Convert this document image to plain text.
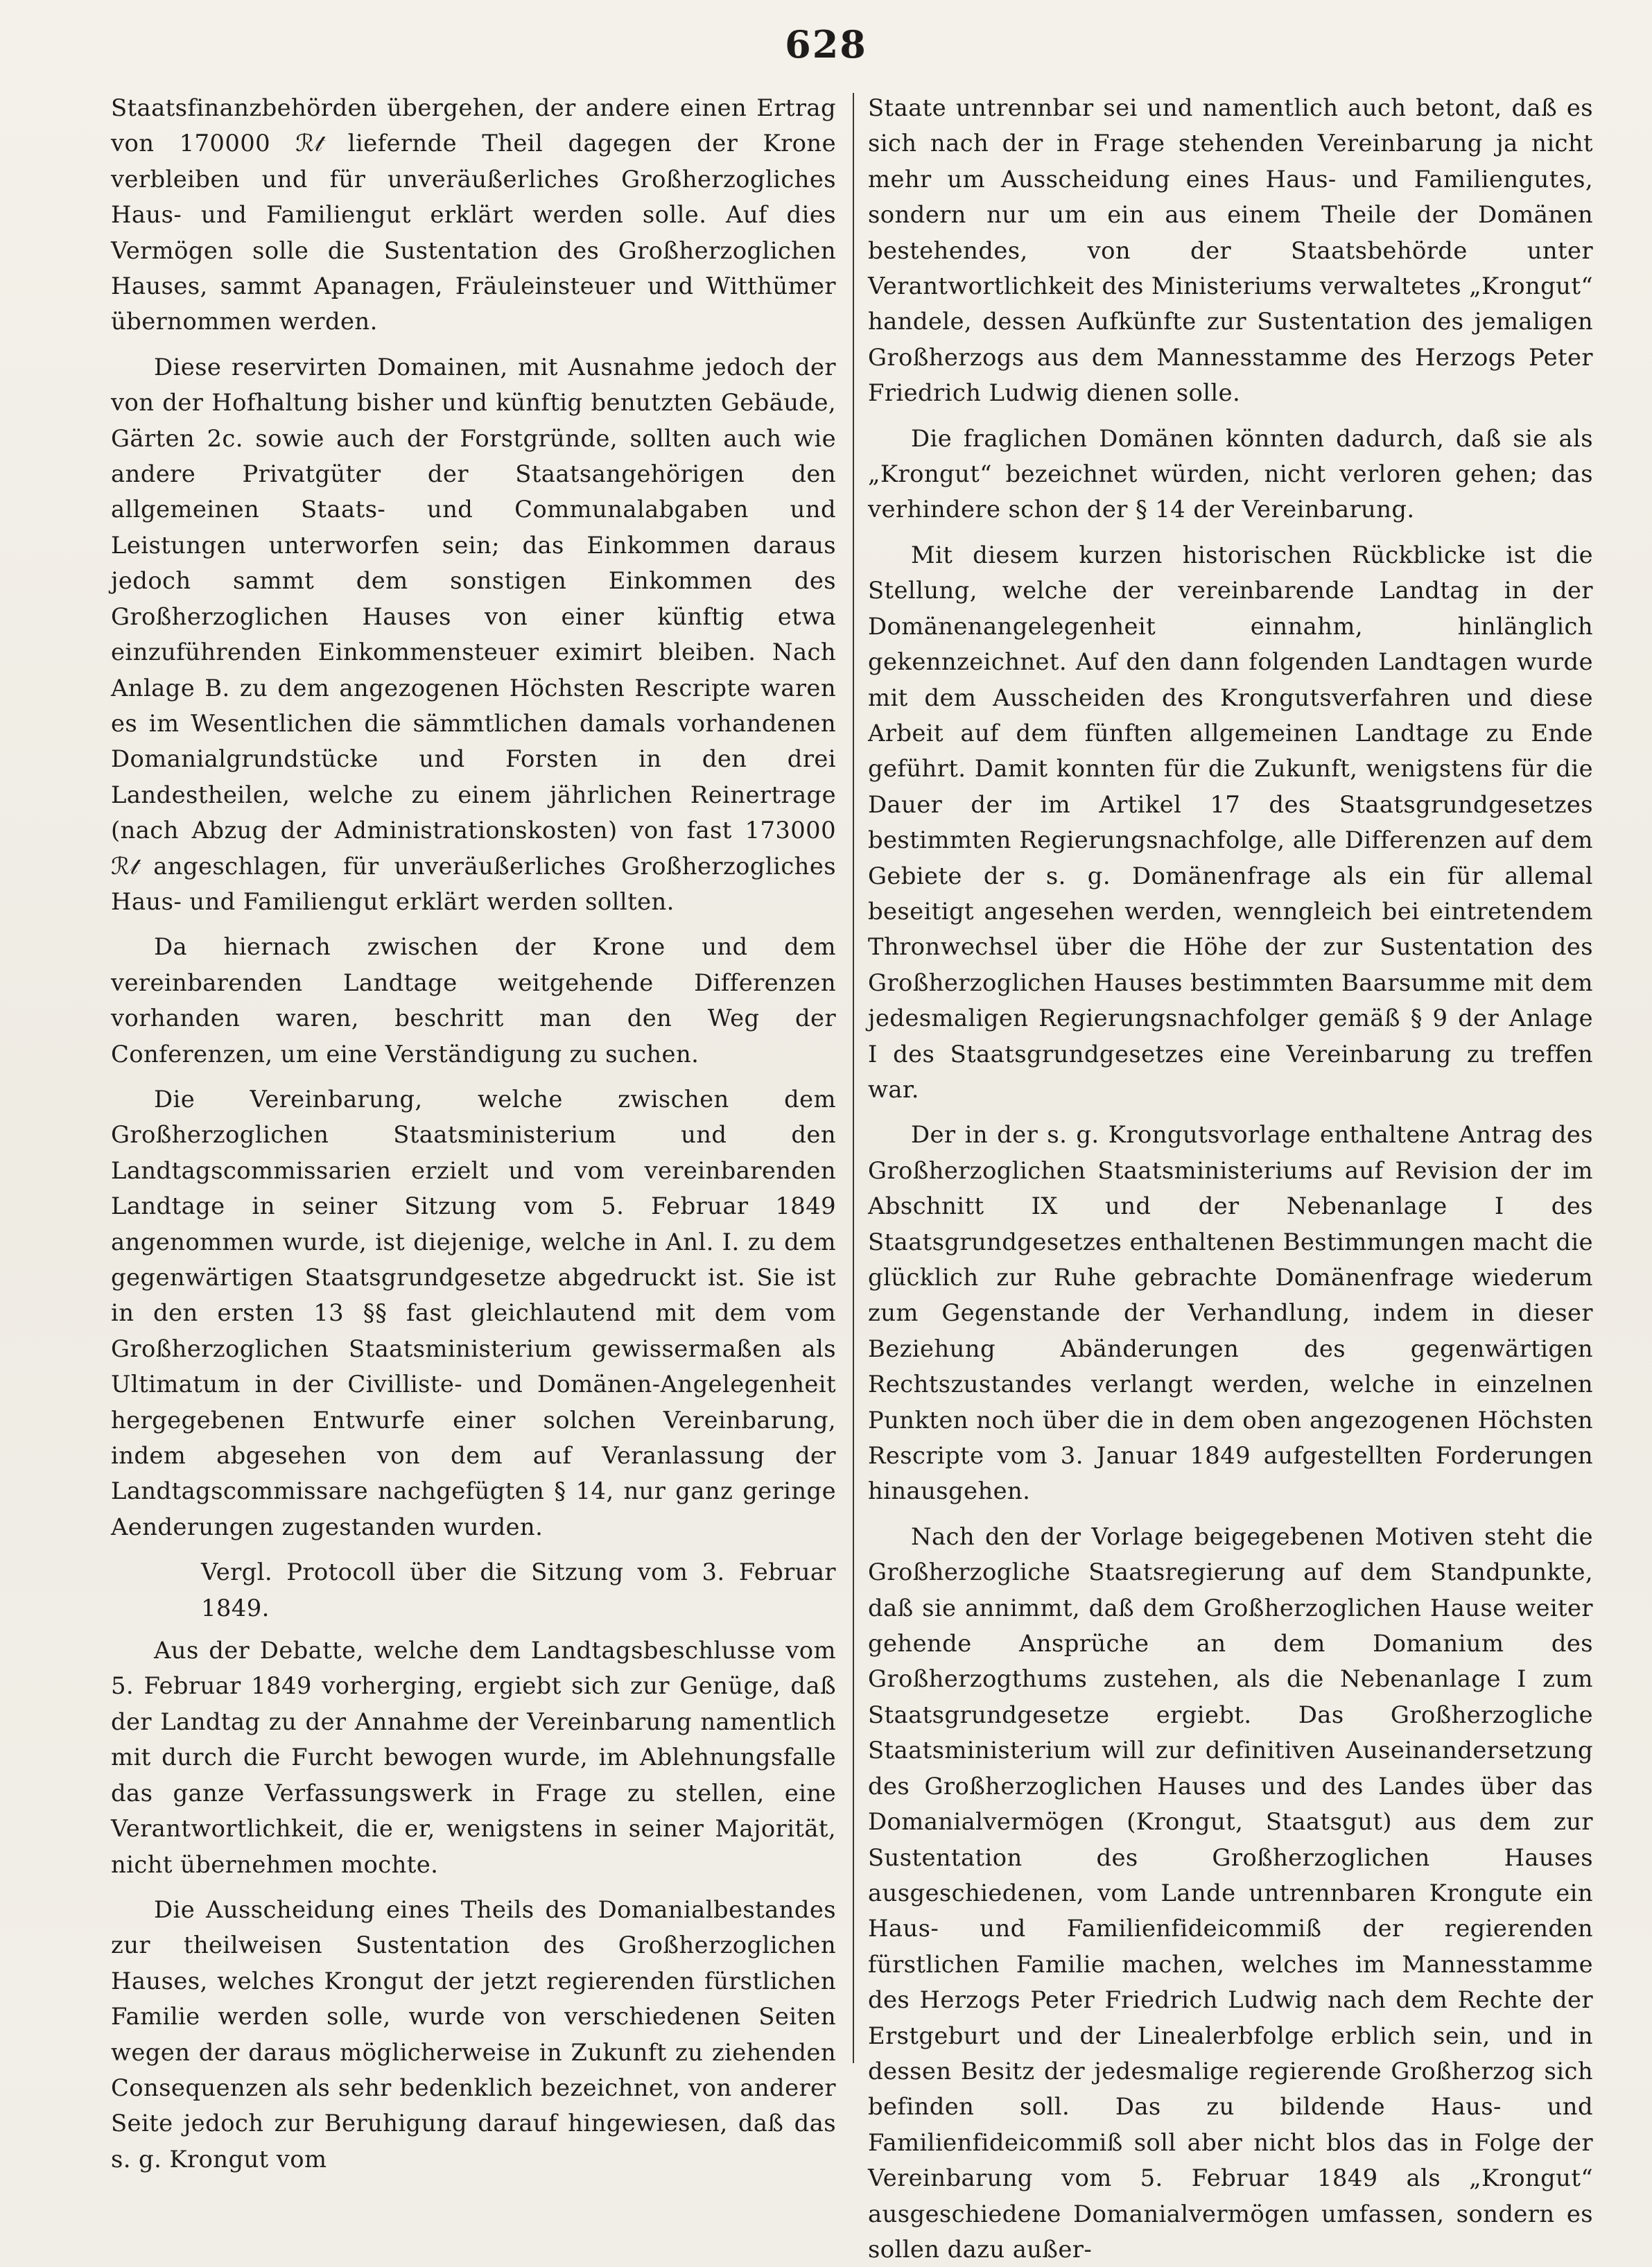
628

Staatsfinanzbehörden übergehen, der andere einen Ertrag von 170000 ℛ𝓉 liefernde Theil dagegen der Krone verbleiben und für unveräußerliches Großherzogliches Haus- und Familiengut erklärt werden solle. Auf dies Vermögen solle die Sustentation des Großherzoglichen Hauses, sammt Apanagen, Fräuleinsteuer und Witthümer übernommen werden.

Diese reservirten Domainen, mit Ausnahme jedoch der von der Hofhaltung bisher und künftig benutzten Gebäude, Gärten 2c. sowie auch der Forstgründe, sollten auch wie andere Privatgüter der Staatsangehörigen den allgemeinen Staats- und Communalabgaben und Leistungen unterworfen sein; das Einkommen daraus jedoch sammt dem sonstigen Einkommen des Großherzoglichen Hauses von einer künftig etwa einzuführenden Einkommensteuer eximirt bleiben. Nach Anlage B. zu dem angezogenen Höchsten Rescripte waren es im Wesentlichen die sämmtlichen damals vorhandenen Domanialgrundstücke und Forsten in den drei Landestheilen, welche zu einem jährlichen Reinertrage (nach Abzug der Administrationskosten) von fast 173000 ℛ𝓉 angeschlagen, für unveräußerliches Großherzogliches Haus- und Familiengut erklärt werden sollten.

Da hiernach zwischen der Krone und dem vereinbarenden Landtage weitgehende Differenzen vorhanden waren, beschritt man den Weg der Conferenzen, um eine Verständigung zu suchen.

Die Vereinbarung, welche zwischen dem Großherzoglichen Staatsministerium und den Landtagscommissarien erzielt und vom vereinbarenden Landtage in seiner Sitzung vom 5. Februar 1849 angenommen wurde, ist diejenige, welche in Anl. I. zu dem gegenwärtigen Staatsgrundgesetze abgedruckt ist. Sie ist in den ersten 13 §§ fast gleichlautend mit dem vom Großherzoglichen Staatsministerium gewissermaßen als Ultimatum in der Civilliste- und Domänen-Angelegenheit hergegebenen Entwurfe einer solchen Vereinbarung, indem abgesehen von dem auf Veranlassung der Landtagscommissare nachgefügten § 14, nur ganz geringe Aenderungen zugestanden wurden.

Vergl. Protocoll über die Sitzung vom 3. Februar 1849.

Aus der Debatte, welche dem Landtagsbeschlusse vom 5. Februar 1849 vorherging, ergiebt sich zur Genüge, daß der Landtag zu der Annahme der Vereinbarung namentlich mit durch die Furcht bewogen wurde, im Ablehnungsfalle das ganze Verfassungswerk in Frage zu stellen, eine Verantwortlichkeit, die er, wenigstens in seiner Majorität, nicht übernehmen mochte.

Die Ausscheidung eines Theils des Domanialbestandes zur theilweisen Sustentation des Großherzoglichen Hauses, welches Krongut der jetzt regierenden fürstlichen Familie werden solle, wurde von verschiedenen Seiten wegen der daraus möglicherweise in Zukunft zu ziehenden Consequenzen als sehr bedenklich bezeichnet, von anderer Seite jedoch zur Beruhigung darauf hingewiesen, daß das s. g. Krongut vom

Staate untrennbar sei und namentlich auch betont, daß es sich nach der in Frage stehenden Vereinbarung ja nicht mehr um Ausscheidung eines Haus- und Familiengutes, sondern nur um ein aus einem Theile der Domänen bestehendes, von der Staatsbehörde unter Verantwortlichkeit des Ministeriums verwaltetes „Krongut“ handele, dessen Aufkünfte zur Sustentation des jemaligen Großherzogs aus dem Mannesstamme des Herzogs Peter Friedrich Ludwig dienen solle.

Die fraglichen Domänen könnten dadurch, daß sie als „Krongut“ bezeichnet würden, nicht verloren gehen; das verhindere schon der § 14 der Vereinbarung.

Mit diesem kurzen historischen Rückblicke ist die Stellung, welche der vereinbarende Landtag in der Domänenangelegenheit einnahm, hinlänglich gekennzeichnet. Auf den dann folgenden Landtagen wurde mit dem Ausscheiden des Krongutsverfahren und diese Arbeit auf dem fünften allgemeinen Landtage zu Ende geführt. Damit konnten für die Zukunft, wenigstens für die Dauer der im Artikel 17 des Staatsgrundgesetzes bestimmten Regierungsnachfolge, alle Differenzen auf dem Gebiete der s. g. Domänenfrage als ein für allemal beseitigt angesehen werden, wenngleich bei eintretendem Thronwechsel über die Höhe der zur Sustentation des Großherzoglichen Hauses bestimmten Baarsumme mit dem jedesmaligen Regierungsnachfolger gemäß § 9 der Anlage I des Staatsgrundgesetzes eine Vereinbarung zu treffen war.

Der in der s. g. Krongutsvorlage enthaltene Antrag des Großherzoglichen Staatsministeriums auf Revision der im Abschnitt IX und der Nebenanlage I des Staatsgrundgesetzes enthaltenen Bestimmungen macht die glücklich zur Ruhe gebrachte Domänenfrage wiederum zum Gegenstande der Verhandlung, indem in dieser Beziehung Abänderungen des gegenwärtigen Rechtszustandes verlangt werden, welche in einzelnen Punkten noch über die in dem oben angezogenen Höchsten Rescripte vom 3. Januar 1849 aufgestellten Forderungen hinausgehen.

Nach den der Vorlage beigegebenen Motiven steht die Großherzogliche Staatsregierung auf dem Standpunkte, daß sie annimmt, daß dem Großherzoglichen Hause weiter gehende Ansprüche an dem Domanium des Großherzogthums zustehen, als die Nebenanlage I zum Staatsgrundgesetze ergiebt. Das Großherzogliche Staatsministerium will zur definitiven Auseinandersetzung des Großherzoglichen Hauses und des Landes über das Domanialvermögen (Krongut, Staatsgut) aus dem zur Sustentation des Großherzoglichen Hauses ausgeschiedenen, vom Lande untrennbaren Krongute ein Haus- und Familienfideicommiß der regierenden fürstlichen Familie machen, welches im Mannesstamme des Herzogs Peter Friedrich Ludwig nach dem Rechte der Erstgeburt und der Linealerbfolge erblich sein, und in dessen Besitz der jedesmalige regierende Großherzog sich befinden soll. Das zu bildende Haus- und Familienfideicommiß soll aber nicht blos das in Folge der Vereinbarung vom 5. Februar 1849 als „Krongut“ ausgeschiedene Domanialvermögen umfassen, sondern es sollen dazu außer-
